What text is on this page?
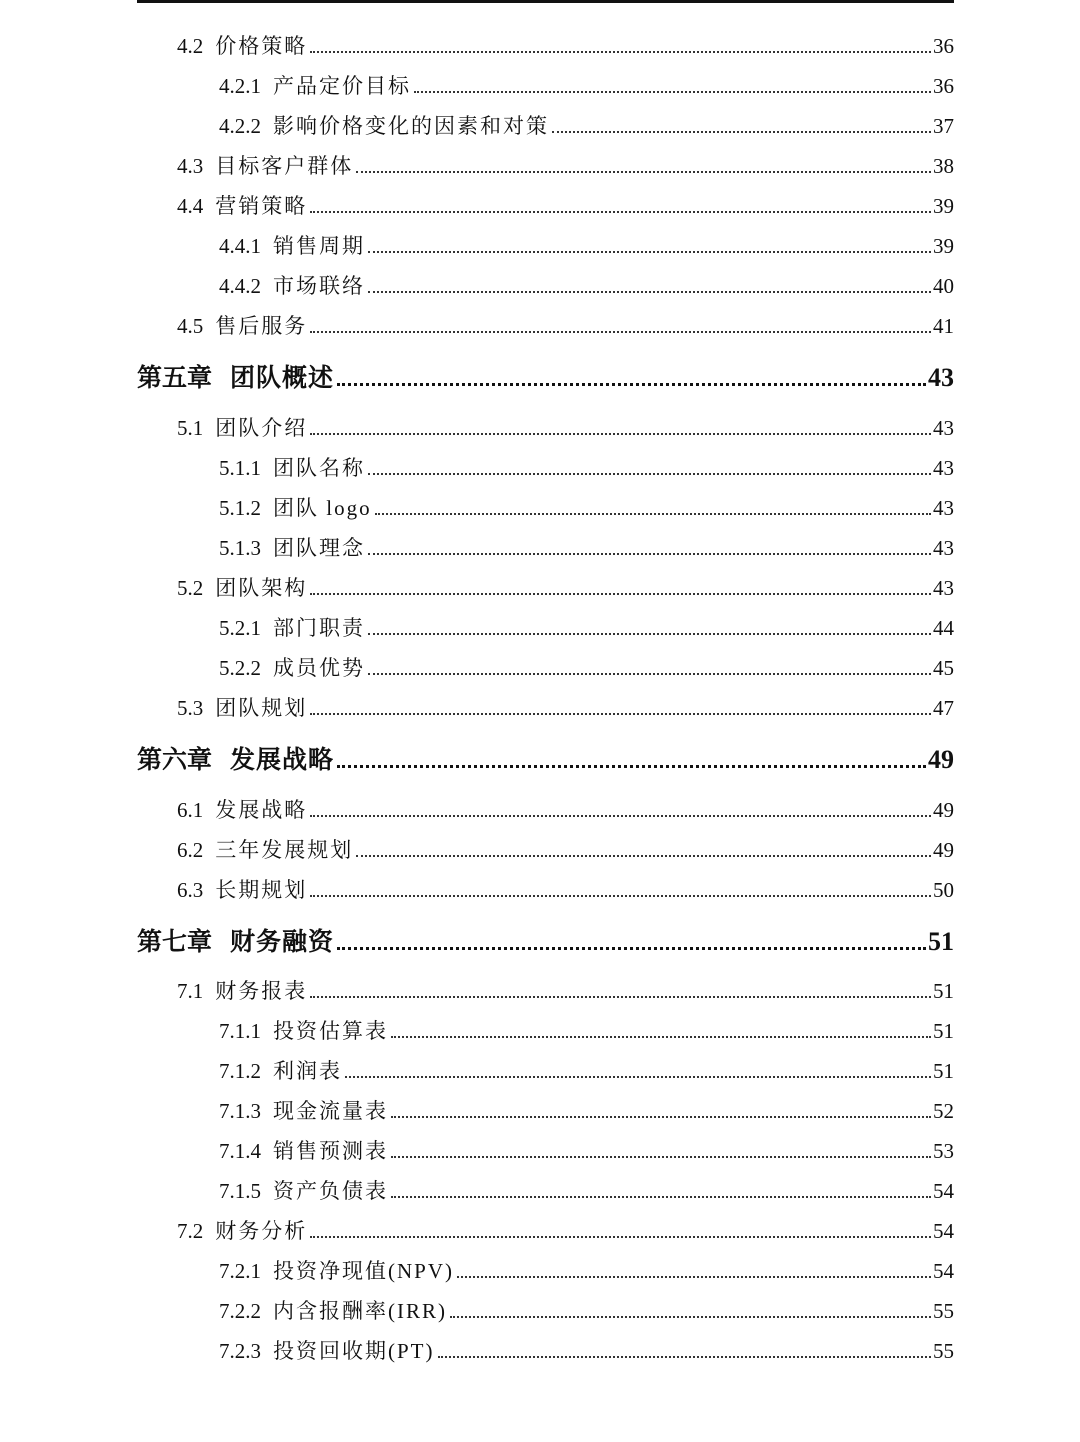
4.2 价格策略	36
4.2.1 产品定价目标	36
4.2.2 影响价格变化的因素和对策	37
4.3 目标客户群体	38
4.4 营销策略	39
4.4.1 销售周期	39
4.4.2 市场联络	40
4.5 售后服务	41
第五章 团队概述	43
5.1 团队介绍	43
5.1.1 团队名称	43
5.1.2 团队 logo	43
5.1.3 团队理念	43
5.2 团队架构	43
5.2.1 部门职责	44
5.2.2 成员优势	45
5.3 团队规划	47
第六章 发展战略	49
6.1 发展战略	49
6.2 三年发展规划	49
6.3 长期规划	50
第七章 财务融资	51
7.1 财务报表	51
7.1.1 投资估算表	51
7.1.2 利润表	51
7.1.3 现金流量表	52
7.1.4 销售预测表	53
7.1.5 资产负债表	54
7.2 财务分析	54
7.2.1 投资净现值(NPV)	54
7.2.2 内含报酬率(IRR)	55
7.2.3 投资回收期(PT)	55
